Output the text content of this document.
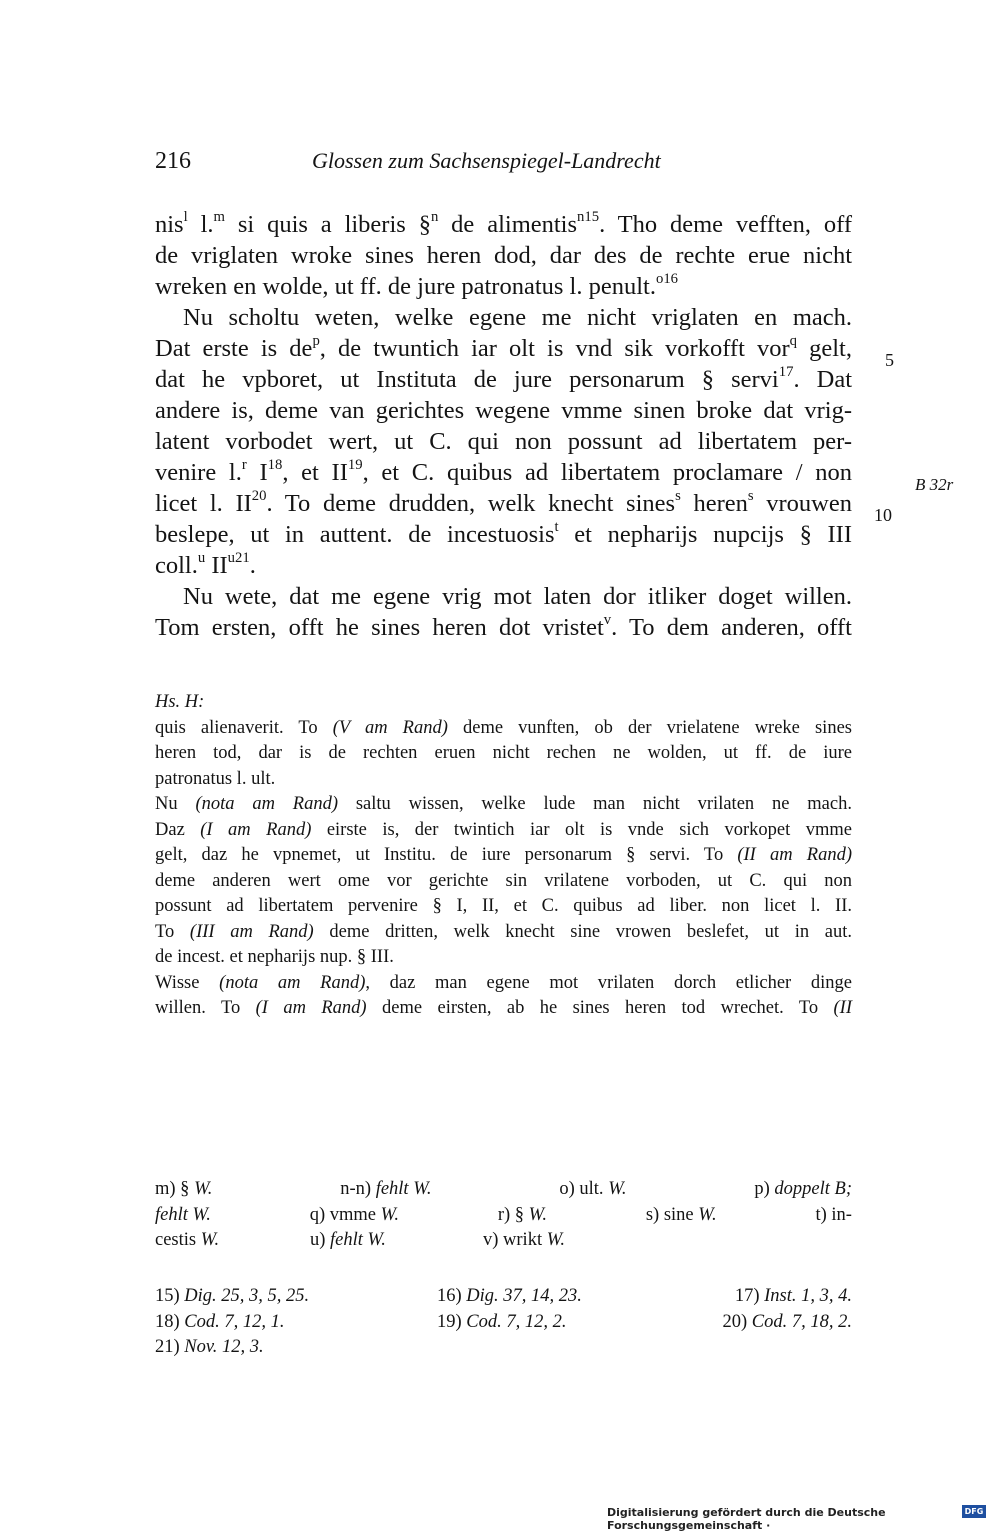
216	Glossen zum Sachsenspiegel-Landrecht
nis$^l$ l.$^m$ si quis a liberis §$^n$ de alimentis$^{n15}$. Tho deme vefften, off
de vriglaten wroke sines heren dod, dar des de rechte erue nicht
wreken en wolde, ut ff. de jure patronatus l. penult.$^{o16}$
Nu scholtu weten, welke egene me nicht vriglaten en mach.
Dat erste is $de^p$, de twuntich iar olt is vnd sik vorkofft vor$^q$ gelt,
dat he vpboret, ut Instituta de jure personarum § servi$^{17}$. Dat
andere is, deme van gerichtes wegene vmme sinen broke dat vrig-
latent vorbodet wert, ut C. qui non possunt ad libertatem per-
venire l.$^r$ $I^{18}$, et II$^{19}$, et C. quibus ad libertatem proclamare / non
licet l. II$^{20}$. To deme drudden, welk knecht sines$^s$ heren$^s$ vrouwen
beslepe, ut in auttent. de incestuosis$^t$ et nepharijs nupcijs § III
coll.$^u$ $II^{u21}$.
Nu wete, dat me egene vrig mot laten dor itliker doget willen.
Tom ersten, offt he sines heren dot vristet$^v$. To dem anderen, offt
5
10
B 32r
Hs. H:
quis alienaverit. To (V am Rand) deme vunften, ob der vrielatene wreke sines
heren tod, dar is de rechten eruen nicht rechen ne wolden, ut ff. de iure
patronatus l. ult.
Nu (nota am Rand) saltu wissen, welke lude man nicht vrilaten ne mach.
Daz (I am Rand) eirste is, der twintich iar olt is vnde sich vorkopet vmme
gelt, daz he vpnemet, ut Institu. de iure personarum § servi. To (II am Rand)
deme anderen wert ome vor gerichte sin vrilatene vorboden, ut C. qui non
possunt ad libertatem pervenire § I, II, et C. quibus ad liber. non licet l. II.
To (III am Rand) deme dritten, welk knecht sine vrowen beslefet, ut in aut.
de incest. et nepharijs nup. § III.
Wisse (nota am Rand), daz man egene mot vrilaten dorch etlicher dinge
willen. To (I am Rand) deme eirsten, ab he sines heren tod wrechet. To (II
m) § W.	n-n) fehlt W.	o) ult. W.	p) doppelt B;
fehlt W.	q) vmme W.	r) § W.	s) sine W.	t) in-
cestis W.	u) fehlt W.	v) wrikt W.
15) Dig. 25, 3, 5, 25.	16) Dig. 37, 14, 23.	17) Inst. 1, 3, 4.
18) Cod. 7, 12, 1.	19) Cod. 7, 12, 2.	20) Cod. 7, 18, 2.
21) Nov. 12, 3.
Digitalisierung gefördert durch die Deutsche Forschungsgemeinschaft ·
DFG
